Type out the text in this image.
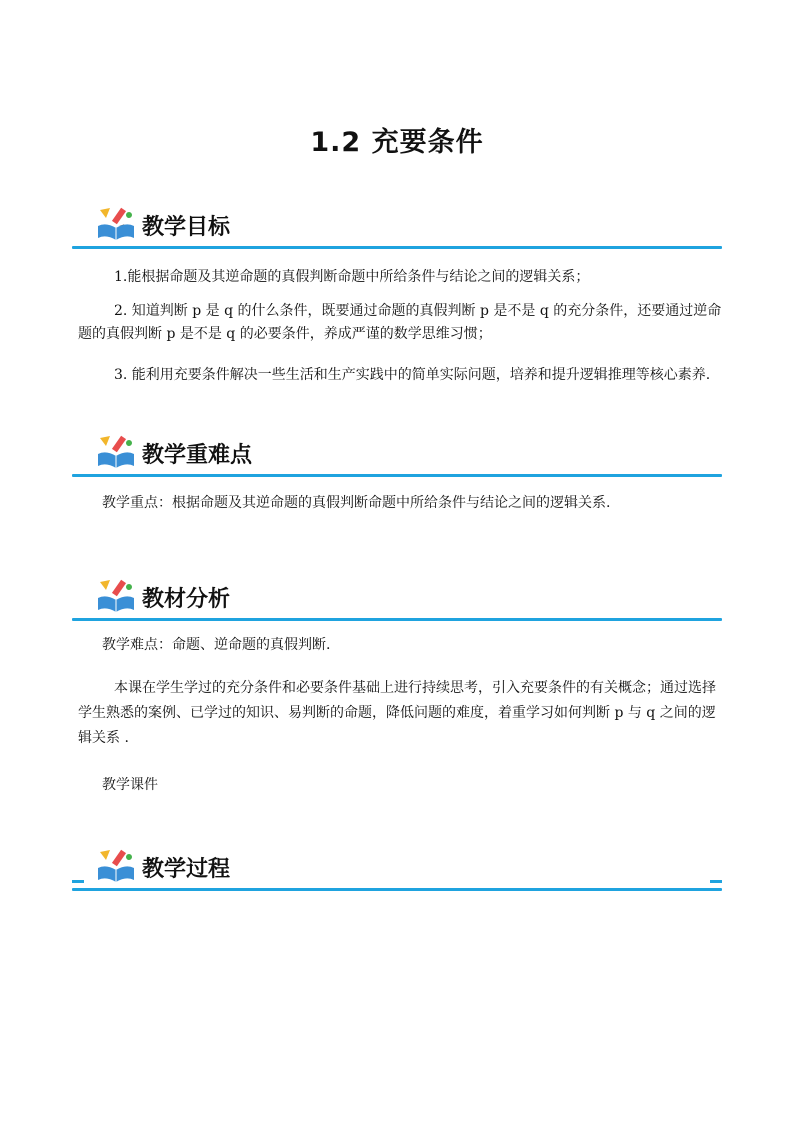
1.2 充要条件
教学目标

1.能根据命题及其逆命题的真假判断命题中所给条件与结论之间的逻辑关系；

2. 知道判断 p 是 q 的什么条件，既要通过命题的真假判断 p 是不是 q 的充分条件，还要通过逆命题的真假判断 p 是不是 q 的必要条件，养成严谨的数学思维习惯；

3. 能利用充要条件解决一些生活和生产实践中的简单实际问题，培养和提升逻辑推理等核心素养.

教学重难点

教学重点：根据命题及其逆命题的真假判断命题中所给条件与结论之间的逻辑关系.

教材分析

教学难点：命题、逆命题的真假判断.

本课在学生学过的充分条件和必要条件基础上进行持续思考，引入充要条件的有关概念；通过选择学生熟悉的案例、已学过的知识、易判断的命题，降低问题的难度，着重学习如何判断 p 与 q 之间的逻辑关系 .

教学课件

教学过程
